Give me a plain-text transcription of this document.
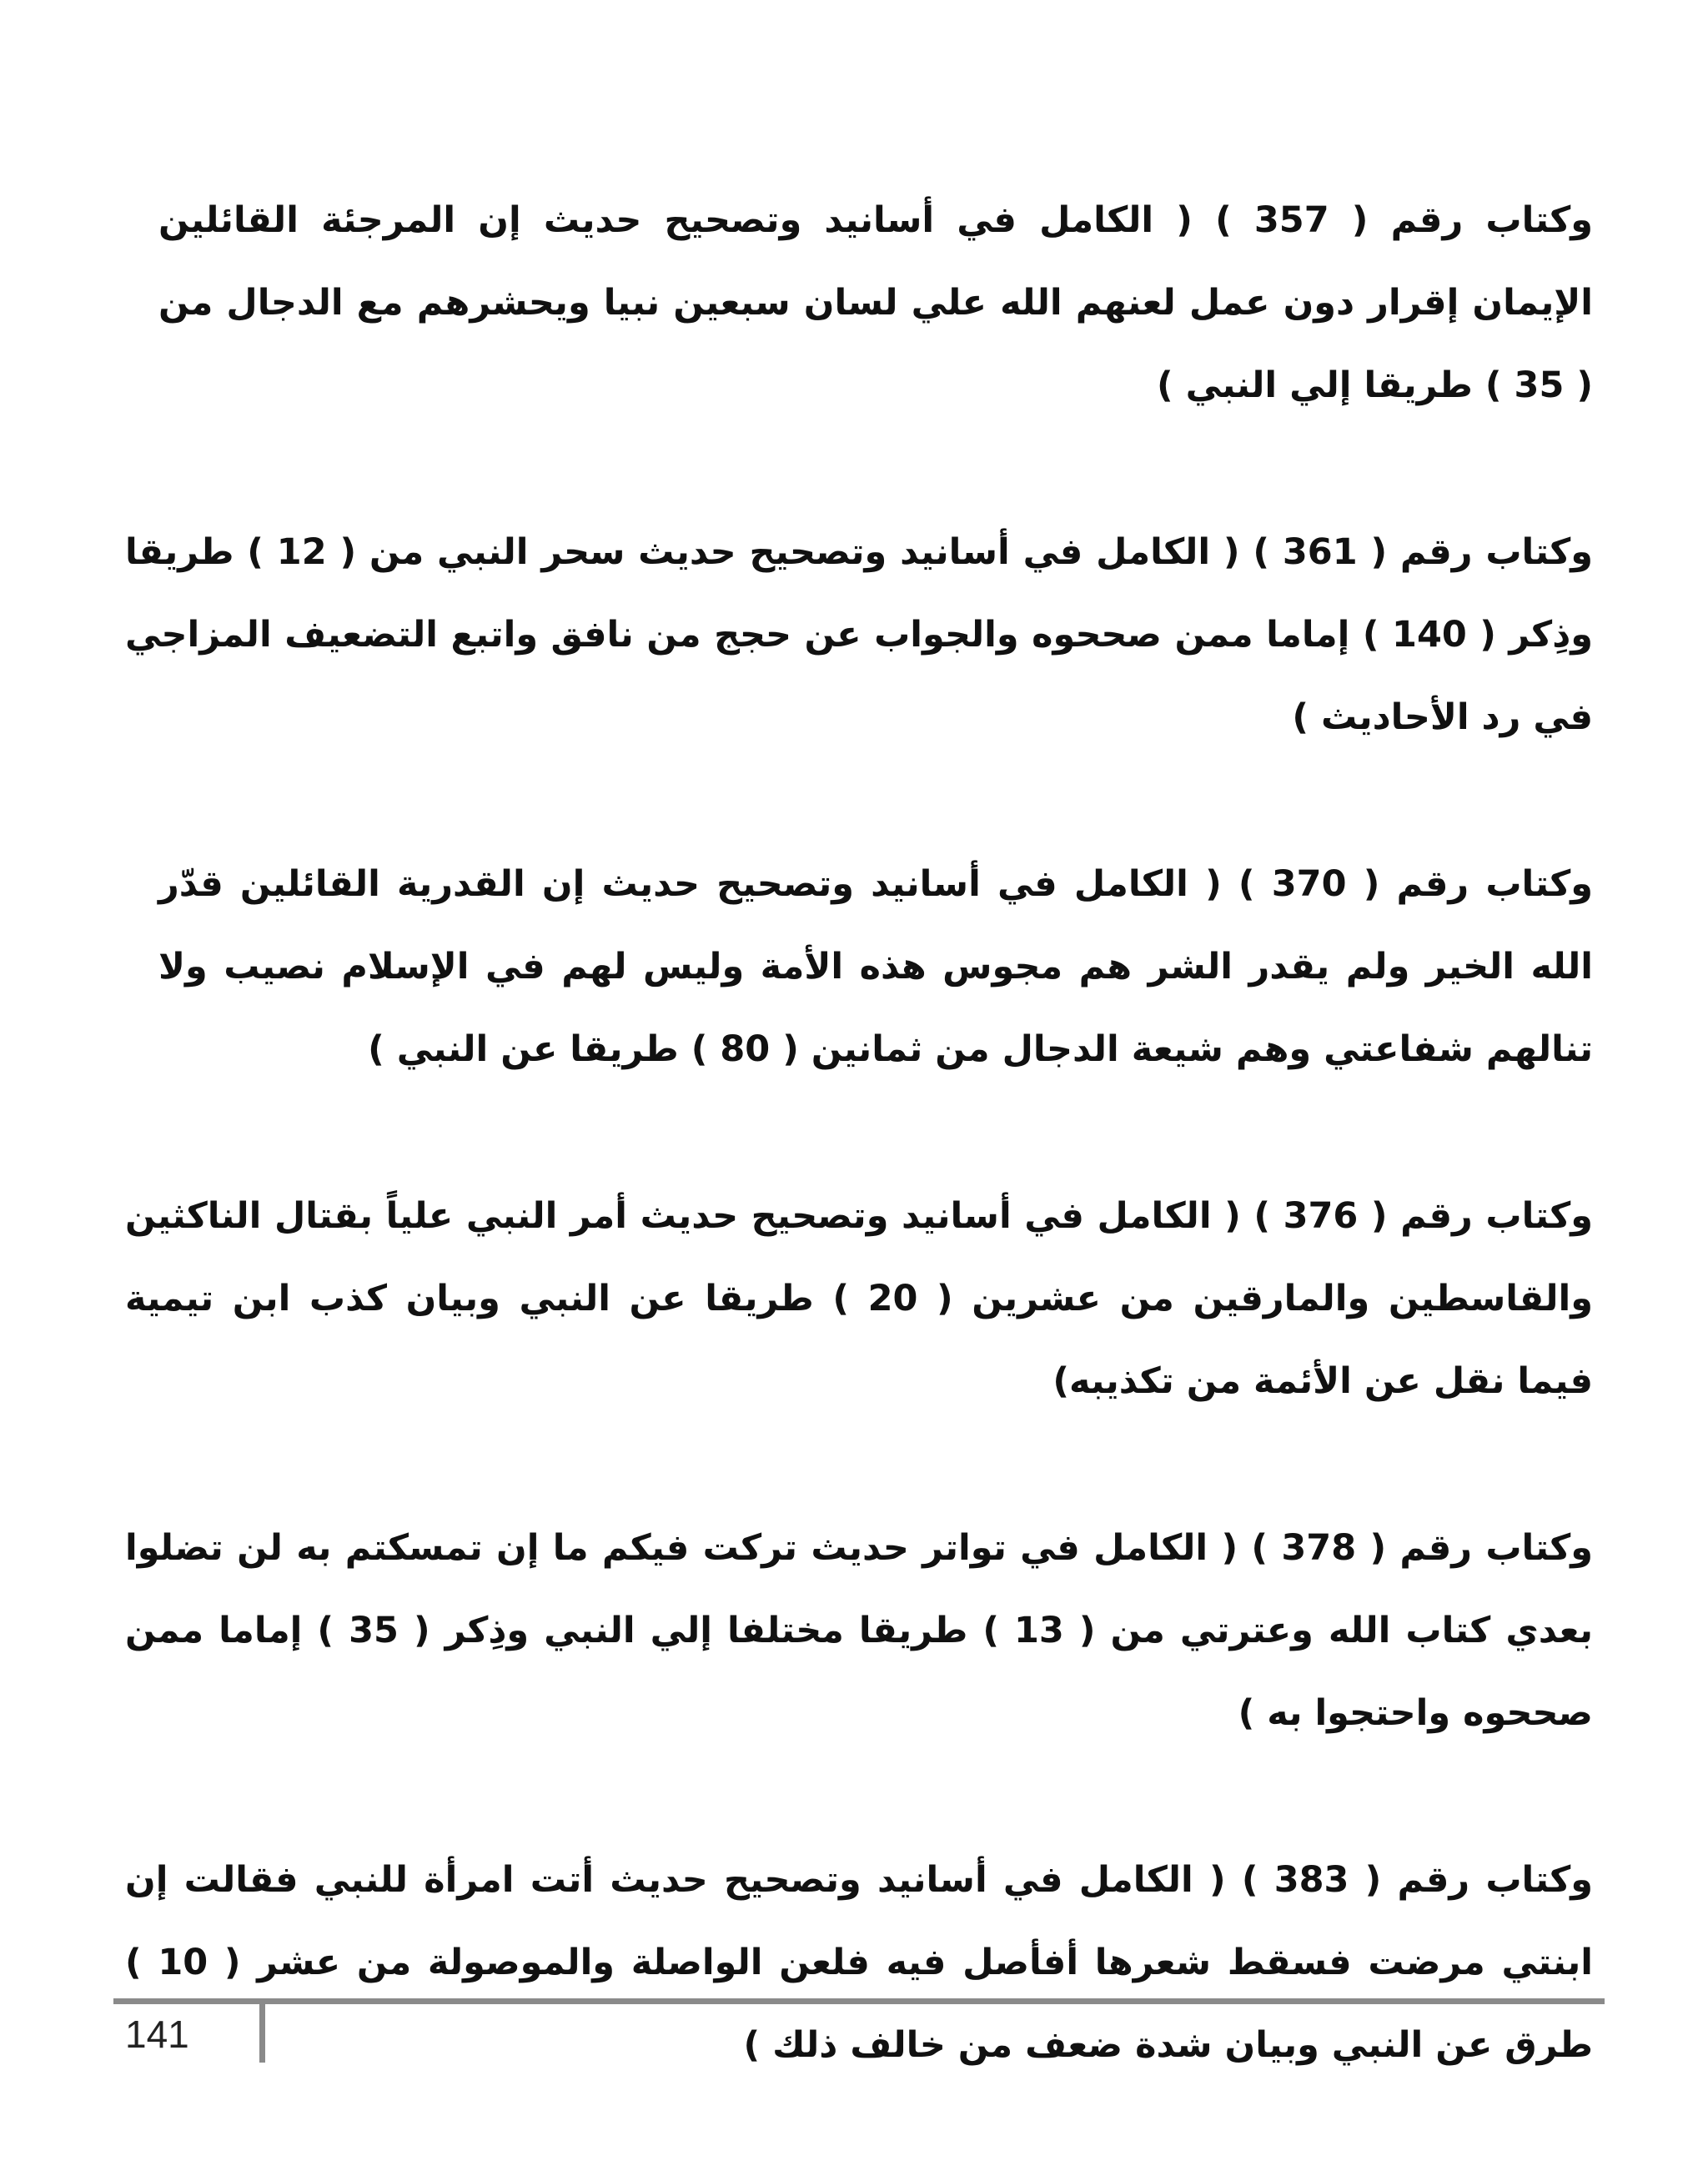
وكتاب رقم ( 357 ) ( الكامل في أسانيد وتصحيح حديث إن المرجئة القائلين الإيمان إقرار دون عمل لعنهم الله علي لسان سبعين نبيا ويحشرهم مع الدجال من ( 35 ) طريقا إلي النبي )

وكتاب رقم ( 361 ) ( الكامل في أسانيد وتصحيح حديث سحر النبي من ( 12 ) طريقا وذِكر ( 140 ) إماما ممن صححوه والجواب عن حجج من نافق واتبع التضعيف المزاجي في رد الأحاديث )

وكتاب رقم ( 370 ) ( الكامل في أسانيد وتصحيح حديث إن القدرية القائلين قدّر الله الخير ولم يقدر الشر هم مجوس هذه الأمة وليس لهم في الإسلام نصيب ولا تنالهم شفاعتي وهم شيعة الدجال من ثمانين ( 80 ) طريقا عن النبي )

وكتاب رقم ( 376 ) ( الكامل في أسانيد وتصحيح حديث أمر النبي علياً بقتال الناكثين والقاسطين والمارقين من عشرين ( 20 ) طريقا عن النبي وبيان كذب ابن تيمية فيما نقل عن الأئمة من تكذيبه)

وكتاب رقم ( 378 ) ( الكامل في تواتر حديث تركت فيكم ما إن تمسكتم به لن تضلوا بعدي كتاب الله وعترتي من ( 13 ) طريقا مختلفا إلي النبي وذِكر ( 35 ) إماما ممن صححوه واحتجوا به )

وكتاب رقم ( 383 ) ( الكامل في أسانيد وتصحيح حديث أتت امرأة للنبي فقالت إن ابنتي مرضت فسقط شعرها أفأصل فيه فلعن الواصلة والموصولة من عشر ( 10 ) طرق عن النبي وبيان شدة ضعف من خالف ذلك )

141
